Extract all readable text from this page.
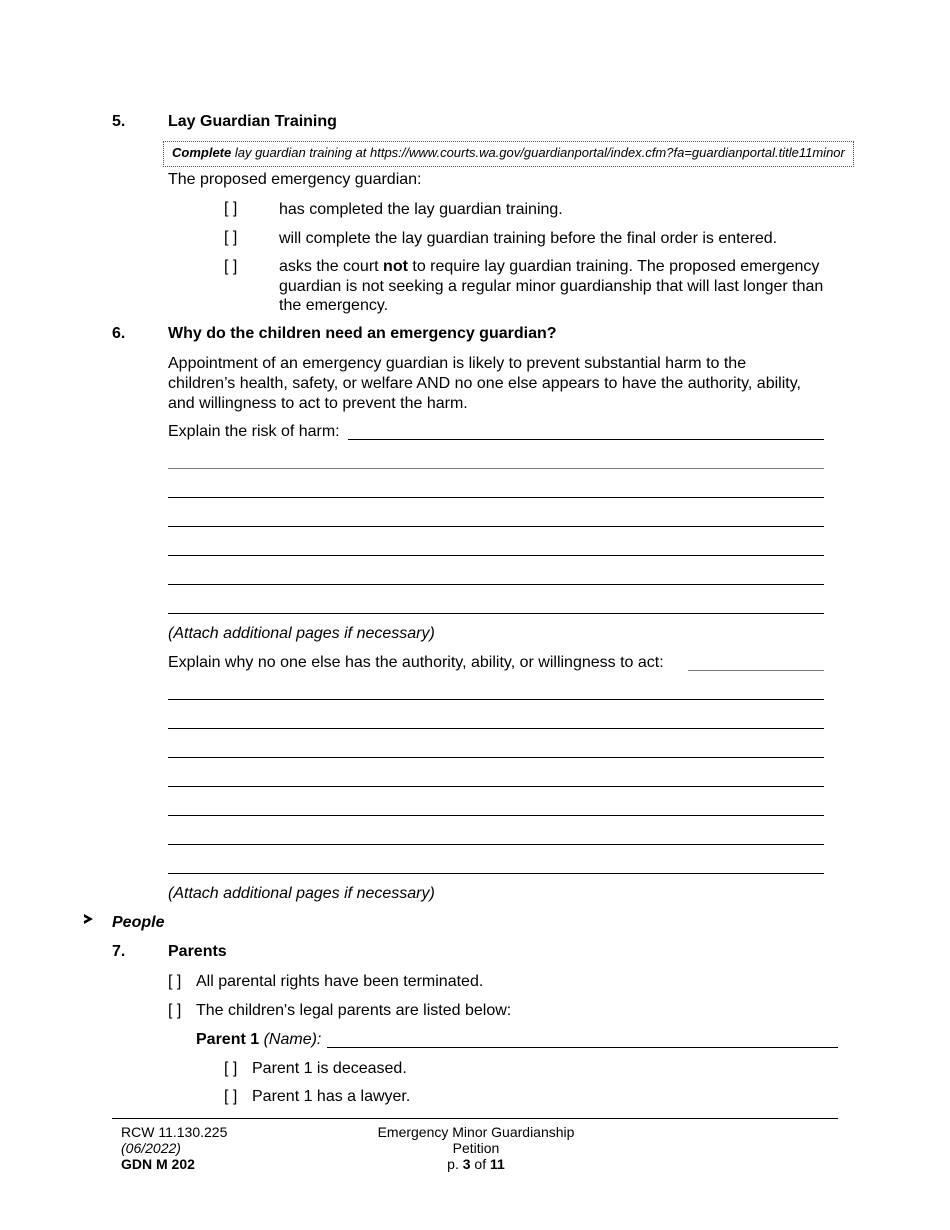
5.	Lay Guardian Training
Complete lay guardian training at https://www.courts.wa.gov/guardianportal/index.cfm?fa=guardianportal.title11minor
The proposed emergency guardian:
[ ]	has completed the lay guardian training.
[ ]	will complete the lay guardian training before the final order is entered.
[ ]	asks the court not to require lay guardian training. The proposed emergency guardian is not seeking a regular minor guardianship that will last longer than the emergency.
6.	Why do the children need an emergency guardian?
Appointment of an emergency guardian is likely to prevent substantial harm to the children’s health, safety, or welfare AND no one else appears to have the authority, ability, and willingness to act to prevent the harm.
Explain the risk of harm:
(Attach additional pages if necessary)
Explain why no one else has the authority, ability, or willingness to act:
(Attach additional pages if necessary)
People
7.	Parents
[ ] All parental rights have been terminated.
[ ] The children's legal parents are listed below:
Parent 1 (Name):
[ ] Parent 1 is deceased.
[ ] Parent 1 has a lawyer.
RCW 11.130.225
(06/2022)
GDN M 202
Emergency Minor Guardianship
Petition
p. 3 of 11
